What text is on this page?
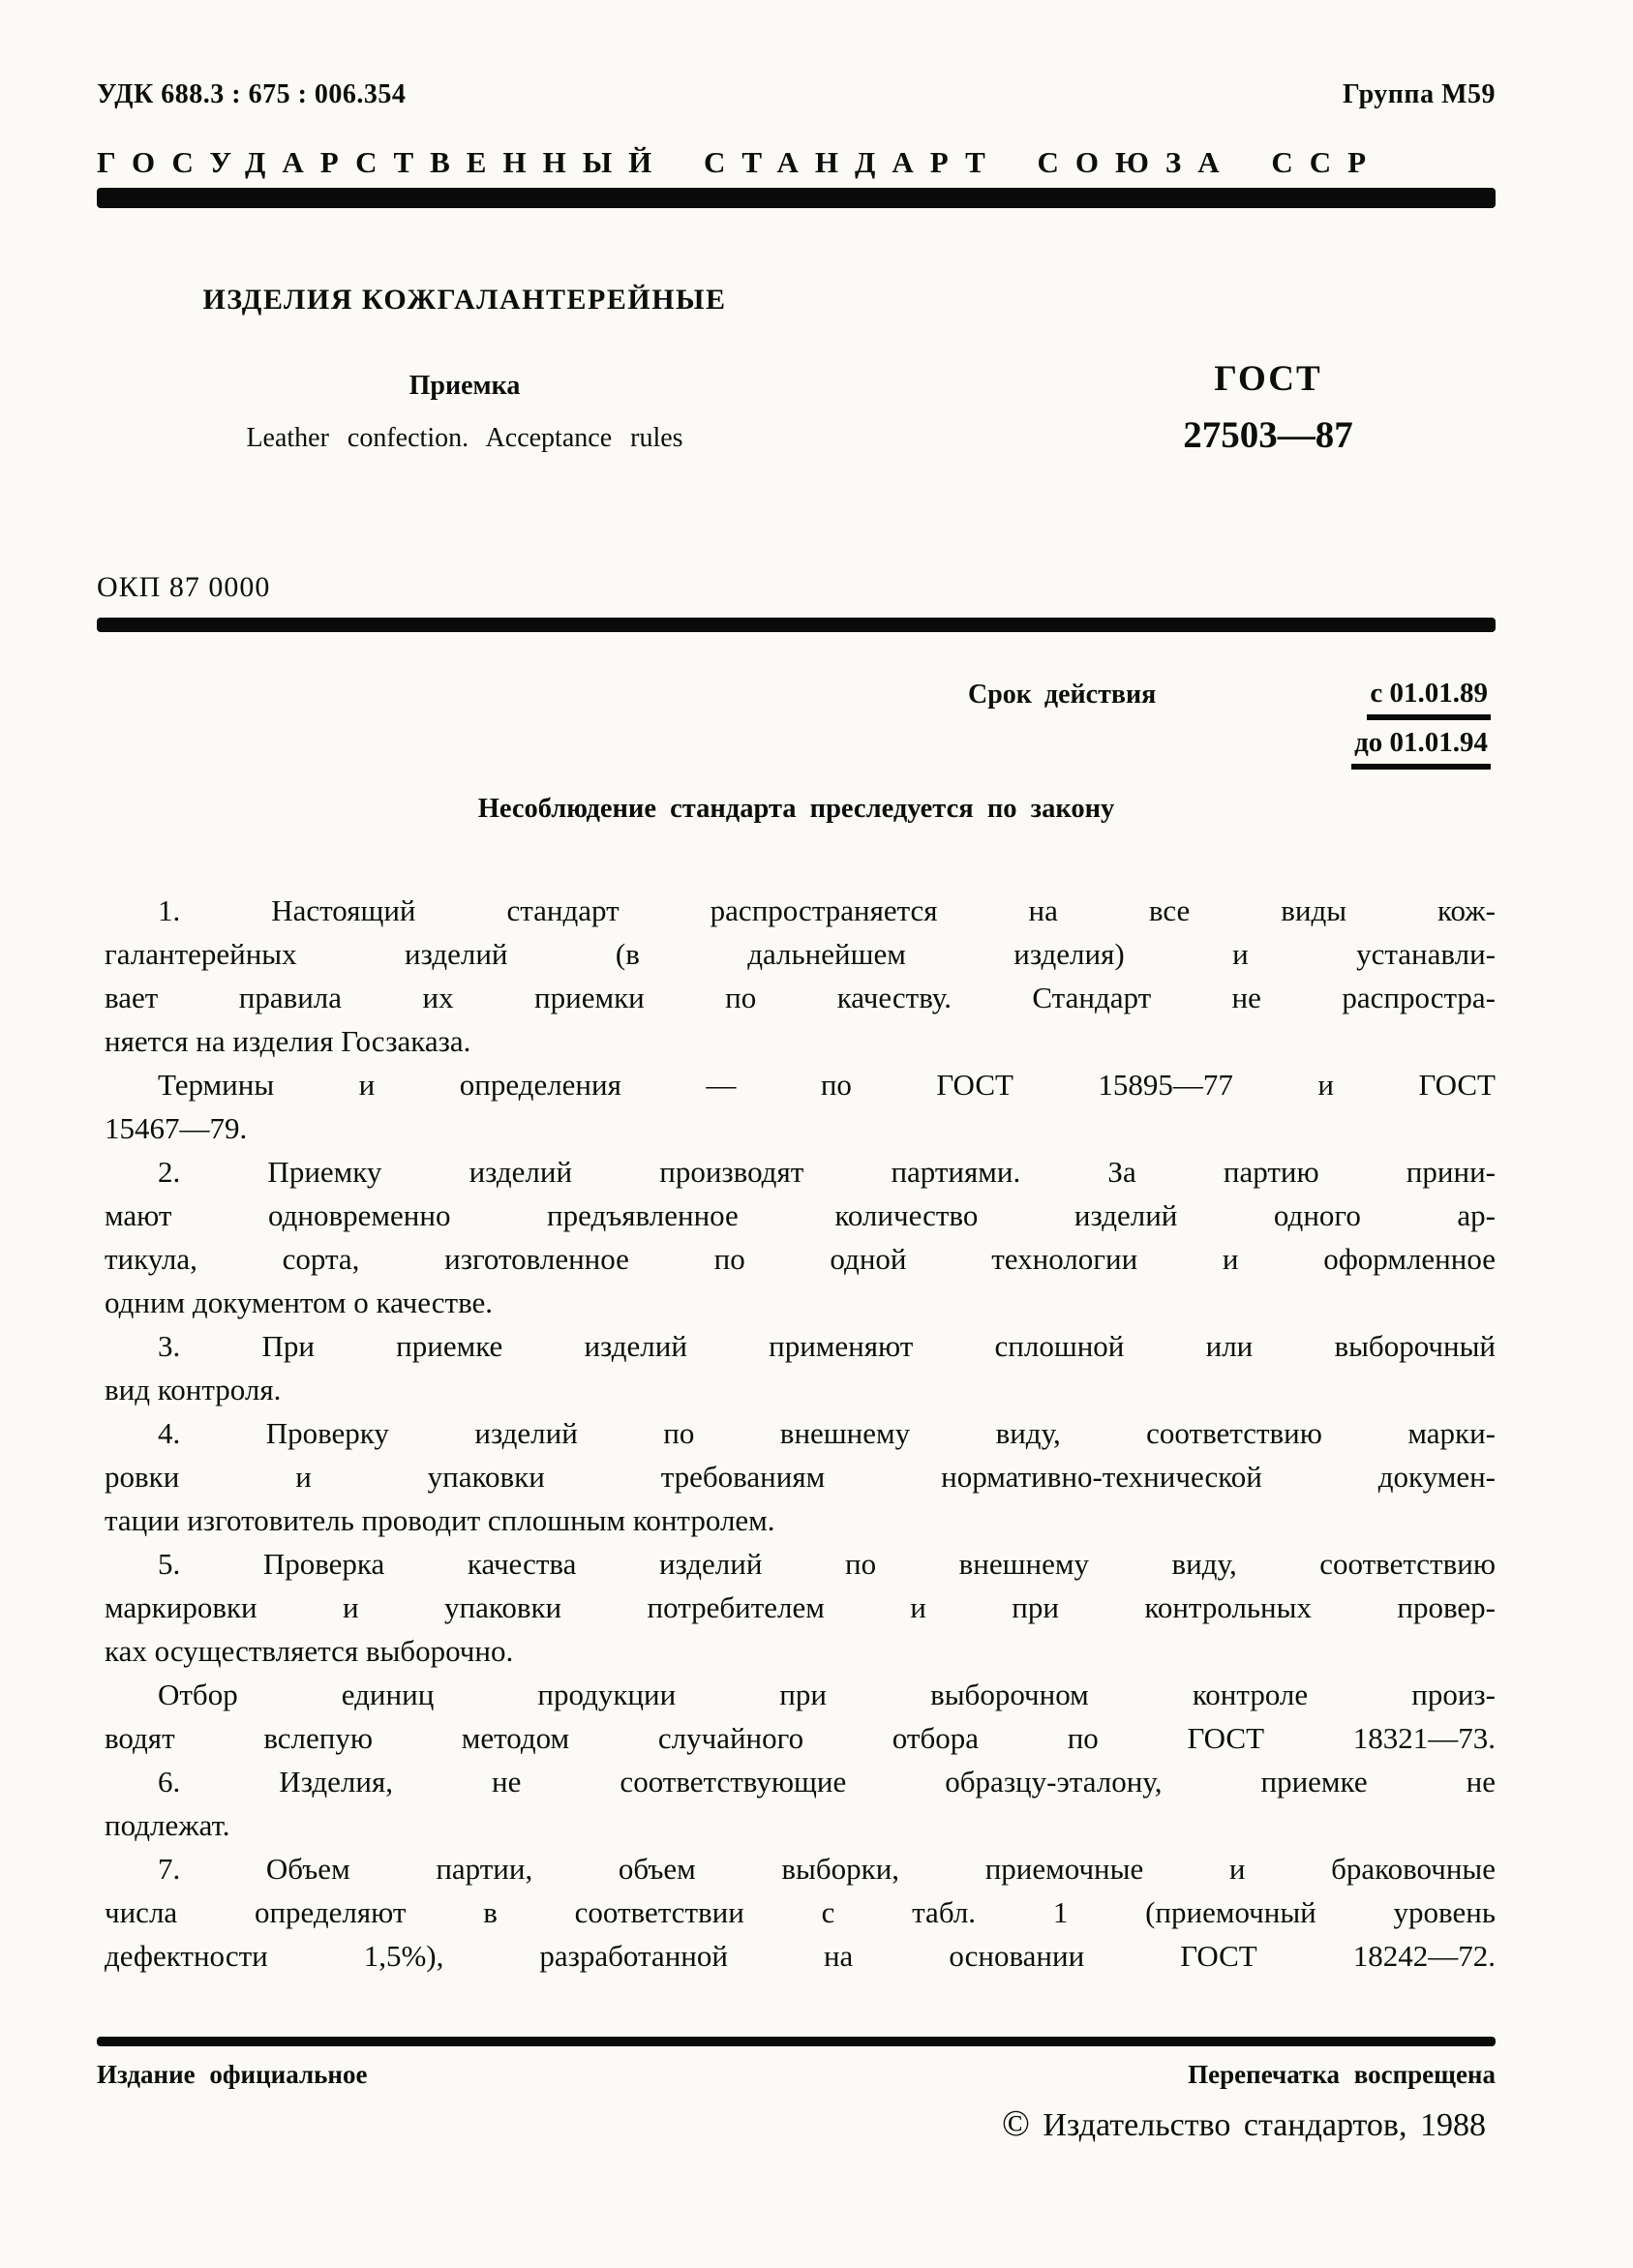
УДК 688.3 : 675 : 006.354	Группа М59
ГОСУДАРСТВЕННЫЙ СТАНДАРТ СОЮЗА ССР
ИЗДЕЛИЯ КОЖГАЛАНТЕРЕЙНЫЕ
Приемка
Leather confection. Acceptance rules
ГОСТ
27503—87
ОКП 87 0000
Срок действия	с 01.01.89
до 01.01.94
Несоблюдение стандарта преследуется по закону
1. Настоящий стандарт распространяется на все виды кож-
галантерейных изделий (в дальнейшем изделия) и устанавли-
вает правила их приемки по качеству. Стандарт не распростра-
няется на изделия Госзаказа.
Термины и определения — по ГОСТ 15895—77 и ГОСТ
15467—79.
2. Приемку изделий производят партиями. За партию прини-
мают одновременно предъявленное количество изделий одного ар-
тикула, сорта, изготовленное по одной технологии и оформленное
одним документом о качестве.
3. При приемке изделий применяют сплошной или выборочный
вид контроля.
4. Проверку изделий по внешнему виду, соответствию марки-
ровки и упаковки требованиям нормативно-технической докумен-
тации изготовитель проводит сплошным контролем.
5. Проверка качества изделий по внешнему виду, соответствию
маркировки и упаковки потребителем и при контрольных провер-
ках осуществляется выборочно.
Отбор единиц продукции при выборочном контроле произ-
водят вслепую методом случайного отбора по ГОСТ 18321—73.
6. Изделия, не соответствующие образцу-эталону, приемке не
подлежат.
7. Объем партии, объем выборки, приемочные и браковочные
числа определяют в соответствии с табл. 1 (приемочный уровень
дефектности 1,5%), разработанной на основании ГОСТ 18242—72.
Издание официальное	Перепечатка воспрещена
© Издательство стандартов, 1988
